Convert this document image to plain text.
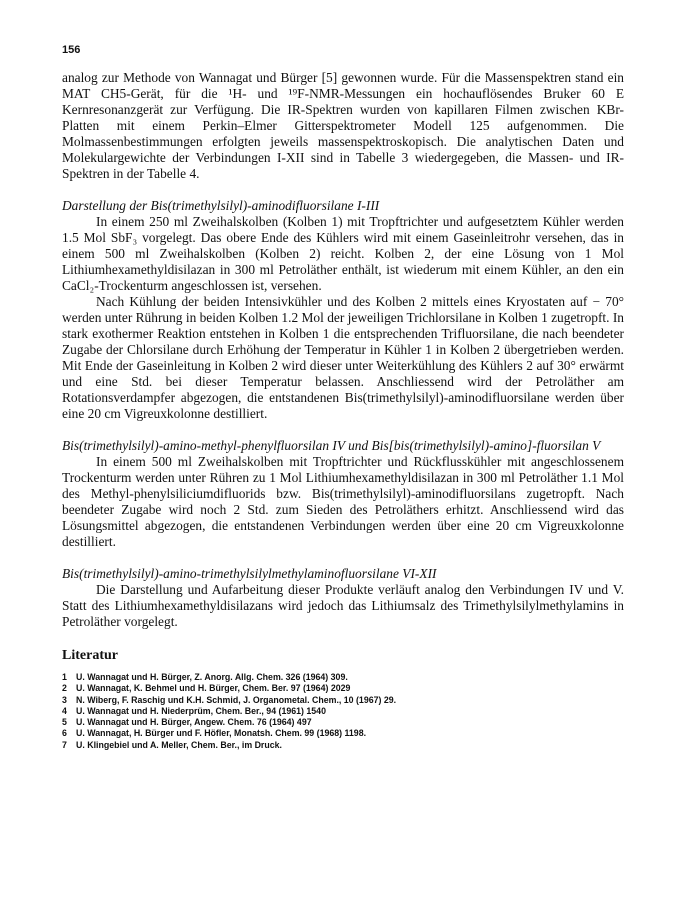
156

analog zur Methode von Wannagat und Bürger [5] gewonnen wurde. Für die Massenspektren stand ein MAT CH5-Gerät, für die ¹H- und ¹⁹F-NMR-Messungen ein hochauflösendes Bruker 60 E Kernresonanzgerät zur Verfügung. Die IR-Spektren wurden von kapillaren Filmen zwischen KBr-Platten mit einem Perkin–Elmer Gitterspektrometer Modell 125 aufgenommen. Die Molmassenbestimmungen erfolgten jeweils massenspektroskopisch. Die analytischen Daten und Molekulargewichte der Verbindungen I-XII sind in Tabelle 3 wiedergegeben, die Massen- und IR-Spektren in der Tabelle 4.

Darstellung der Bis(trimethylsilyl)-aminodifluorsilane I-III

In einem 250 ml Zweihalskolben (Kolben 1) mit Tropftrichter und aufgesetztem Kühler werden 1.5 Mol SbF₃ vorgelegt. Das obere Ende des Kühlers wird mit einem Gaseinleitrohr versehen, das in einem 500 ml Zweihalskolben (Kolben 2) reicht. Kolben 2, der eine Lösung von 1 Mol Lithiumhexamethyldisilazan in 300 ml Petroläther enthält, ist wiederum mit einem Kühler, an den ein CaCl₂-Trockenturm angeschlossen ist, versehen.

Nach Kühlung der beiden Intensivkühler und des Kolben 2 mittels eines Kryostaten auf − 70° werden unter Rührung in beiden Kolben 1.2 Mol der jeweiligen Trichlorsilane in Kolben 1 zugetropft. In stark exothermer Reaktion entstehen in Kolben 1 die entsprechenden Trifluorsilane, die nach beendeter Zugabe der Chlorsilane durch Erhöhung der Temperatur in Kühler 1 in Kolben 2 übergetrieben werden. Mit Ende der Gaseinleitung in Kolben 2 wird dieser unter Weiterkühlung des Kühlers 2 auf 30° erwärmt und eine Std. bei dieser Temperatur belassen. Anschliessend wird der Petroläther am Rotationsverdampfer abgezogen, die entstandenen Bis(trimethylsilyl)-aminodifluorsilane werden über eine 20 cm Vigreuxkolonne destilliert.

Bis(trimethylsilyl)-amino-methyl-phenylfluorsilan IV und Bis[bis(trimethylsilyl)-amino]-fluorsilan V

In einem 500 ml Zweihalskolben mit Tropftrichter und Rückflusskühler mit angeschlossenem Trockenturm werden unter Rühren zu 1 Mol Lithiumhexamethyldisilazan in 300 ml Petroläther 1.1 Mol des Methyl-phenylsiliciumdifluorids bzw. Bis(trimethylsilyl)-aminodifluorsilans zugetropft. Nach beendeter Zugabe wird noch 2 Std. zum Sieden des Petroläthers erhitzt. Anschliessend wird das Lösungsmittel abgezogen, die entstandenen Verbindungen werden über eine 20 cm Vigreuxkolonne destilliert.

Bis(trimethylsilyl)-amino-trimethylsilylmethylaminofluorsilane VI-XII

Die Darstellung und Aufarbeitung dieser Produkte verläuft analog den Verbindungen IV und V. Statt des Lithiumhexamethyldisilazans wird jedoch das Lithiumsalz des Trimethylsilylmethylamins in Petroläther vorgelegt.

Literatur
1 U. Wannagat und H. Bürger, Z. Anorg. Allg. Chem. 326 (1964) 309.
2 U. Wannagat, K. Behmel und H. Bürger, Chem. Ber. 97 (1964) 2029
3 N. Wiberg, F. Raschig und K.H. Schmid, J. Organometal. Chem., 10 (1967) 29.
4 U. Wannagat und H. Niederprüm, Chem. Ber., 94 (1961) 1540
5 U. Wannagat und H. Bürger, Angew. Chem. 76 (1964) 497
6 U. Wannagat, H. Bürger und F. Höfler, Monatsh. Chem. 99 (1968) 1198.
7 U. Klingebiel und A. Meller, Chem. Ber., im Druck.
